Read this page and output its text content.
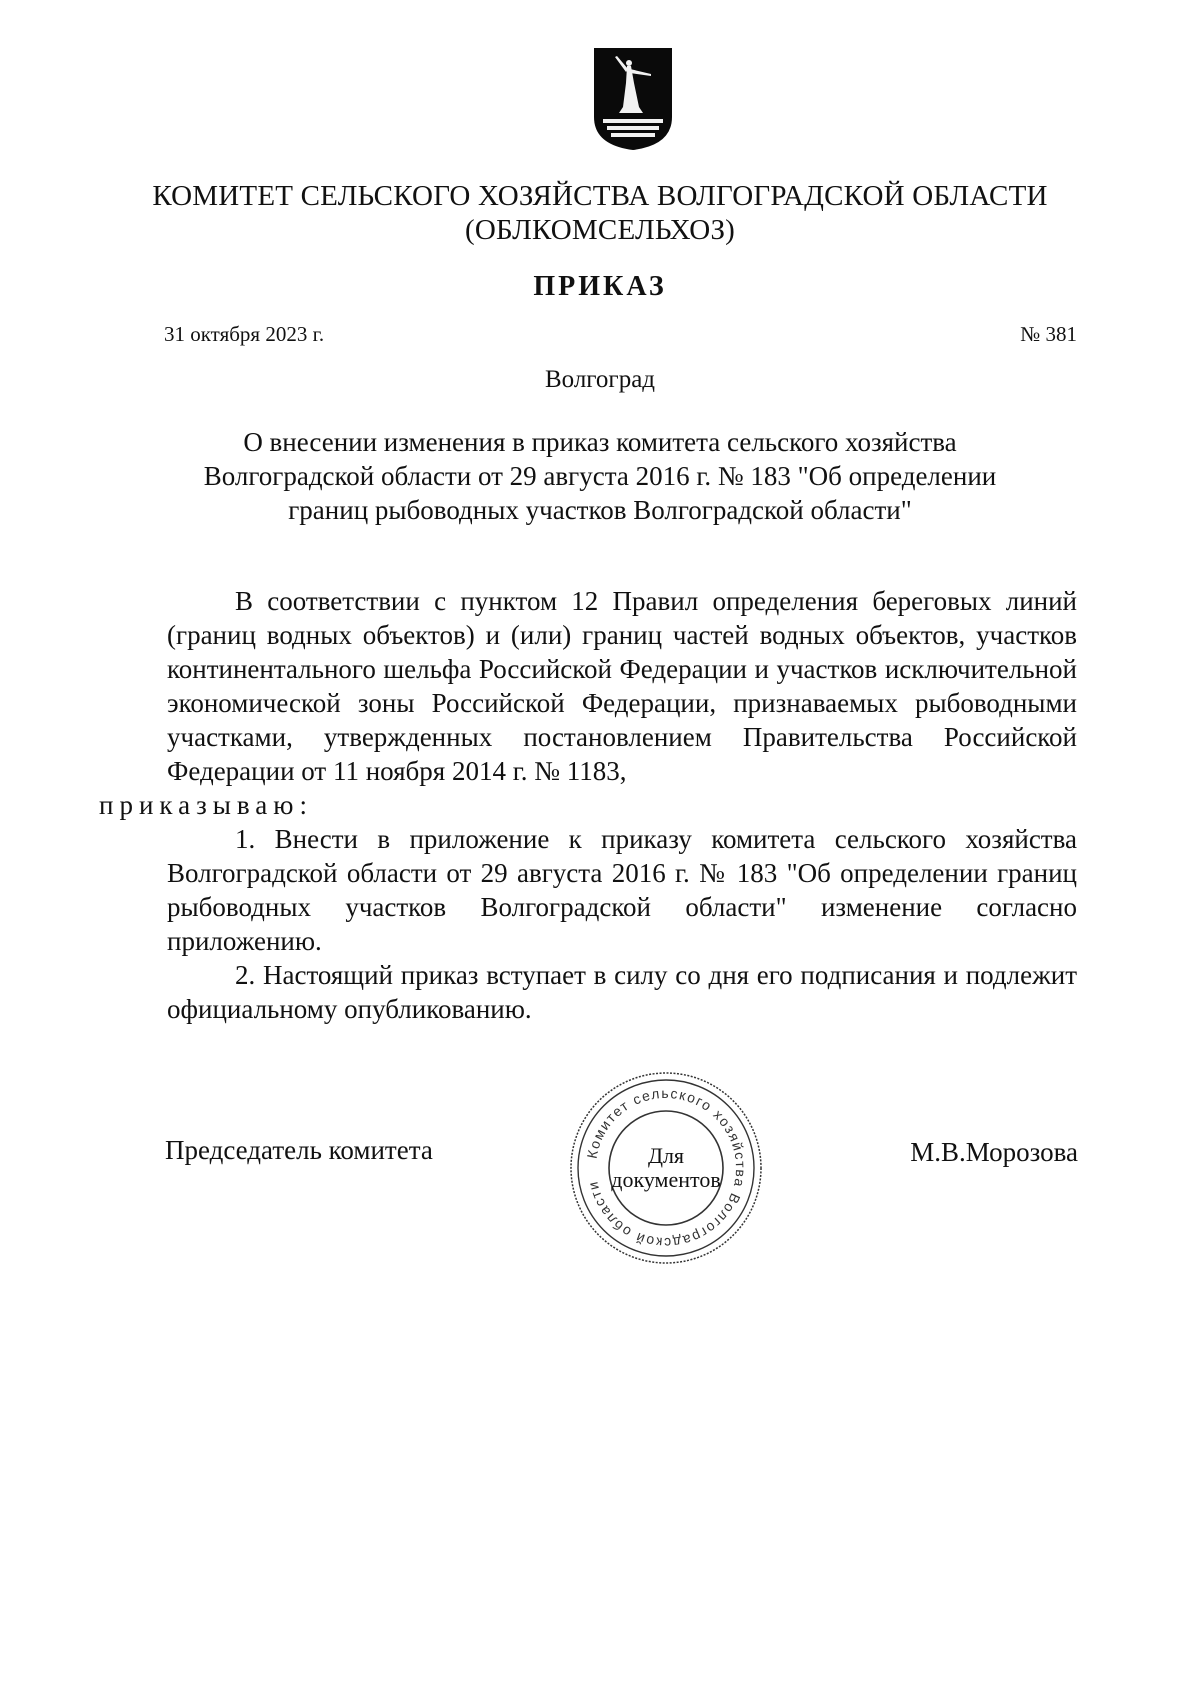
КОМИТЕТ СЕЛЬСКОГО ХОЗЯЙСТВА ВОЛГОГРАДСКОЙ ОБЛАСТИ
(ОБЛКОМСЕЛЬХОЗ)
ПРИКАЗ
31 октября 2023 г.	№ 381
Волгоград
О внесении изменения в приказ комитета сельского хозяйства
Волгоградской области от 29 августа 2016 г. № 183 "Об определении
границ рыбоводных участков Волгоградской области"

В соответствии с пунктом 12 Правил определения береговых линий (границ водных объектов) и (или) границ частей водных объектов, участков континентального шельфа Российской Федерации и участков исключительной экономической зоны Российской Федерации, признаваемых рыбоводными участками, утвержденных постановлением Правительства Российской Федерации от 11 ноября 2014 г. № 1183,
приказываю:

1. Внести в приложение к приказу комитета сельского хозяйства Волгоградской области от 29 августа 2016 г. № 183 "Об определении границ рыбоводных участков Волгоградской области" изменение согласно приложению.

2. Настоящий приказ вступает в силу со дня его подписания и подлежит официальному опубликованию.

Председатель комитета	Комитет сельского хозяйства Волгоградской области
Для
документов
М.В.Морозова
